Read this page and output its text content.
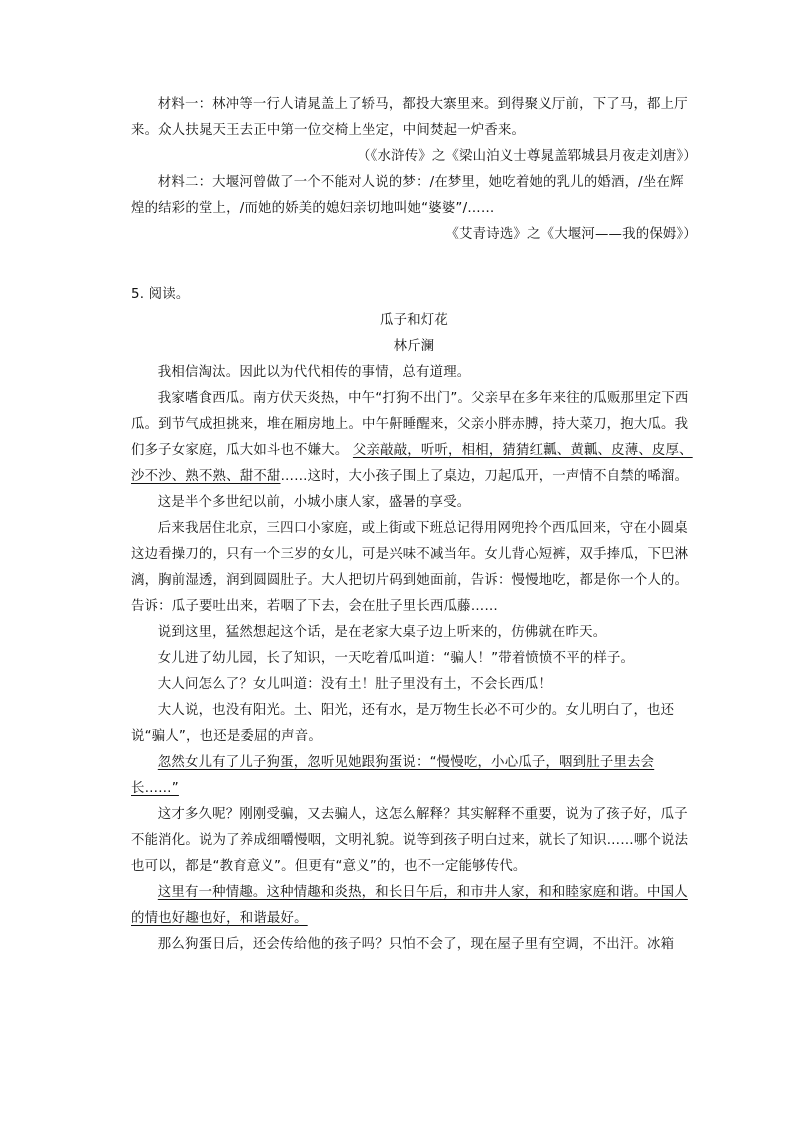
材料一：林冲等一行人请晁盖上了轿马，都投大寨里来。到得聚义厅前，下了马，都上厅来。众人扶晁天王去正中第一位交椅上坐定，中间焚起一炉香来。

（《水浒传》之《梁山泊义士尊晁盖郓城县月夜走刘唐》）

材料二：大堰河曾做了一个不能对人说的梦：/在梦里，她吃着她的乳儿的婚酒，/坐在辉煌的结彩的堂上，/而她的娇美的媳妇亲切地叫她“婆婆”/……

《艾青诗选》之《大堰河——我的保姆》）

5. 阅读。

瓜子和灯花

林斤澜

我相信淘汰。因此以为代代相传的事情，总有道理。

我家嗜食西瓜。南方伏天炎热，中午“打狗不出门”。父亲早在多年来往的瓜贩那里定下西瓜。到节气成担挑来，堆在厢房地上。中午鼾睡醒来，父亲小胖赤膊，持大菜刀，抱大瓜。我们多子女家庭，瓜大如斗也不嫌大。 父亲敲敲，听听，相相，猜猜红瓤、黄瓤、皮薄、皮厚、沙不沙、熟不熟、甜不甜……这时，大小孩子围上了桌边，刀起瓜开，一声情不自禁的唏溜。

这是半个多世纪以前，小城小康人家，盛暑的享受。

后来我居住北京，三四口小家庭，或上街或下班总记得用网兜拎个西瓜回来，守在小圆桌这边看操刀的，只有一个三岁的女儿，可是兴味不减当年。女儿背心短裤，双手捧瓜，下巴淋漓，胸前湿透，润到圆圆肚子。大人把切片码到她面前，告诉：慢慢地吃，都是你一个人的。告诉：瓜子要吐出来，若咽了下去，会在肚子里长西瓜藤……

说到这里，猛然想起这个话，是在老家大桌子边上听来的，仿佛就在昨天。

女儿进了幼儿园，长了知识，一天吃着瓜叫道：“骗人！”带着愤愤不平的样子。

大人问怎么了？女儿叫道：没有土！肚子里没有土，不会长西瓜！

大人说，也没有阳光。土、阳光，还有水，是万物生长必不可少的。女儿明白了，也还说“骗人”，也还是委屈的声音。

忽然女儿有了儿子狗蛋，忽听见她跟狗蛋说：“慢慢吃，小心瓜子，咽到肚子里去会长……”

这才多久呢？刚刚受骗，又去骗人，这怎么解释？其实解释不重要，说为了孩子好，瓜子不能消化。说为了养成细嚼慢咽，文明礼貌。说等到孩子明白过来，就长了知识……哪个说法也可以，都是“教育意义”。但更有“意义”的，也不一定能够传代。

这里有一种情趣。这种情趣和炎热，和长日午后，和市井人家，和和睦家庭和谐。中国人的情也好趣也好，和谐最好。

那么狗蛋日后，还会传给他的孩子吗？只怕不会了，现在屋子里有空调，不出汗。冰箱
